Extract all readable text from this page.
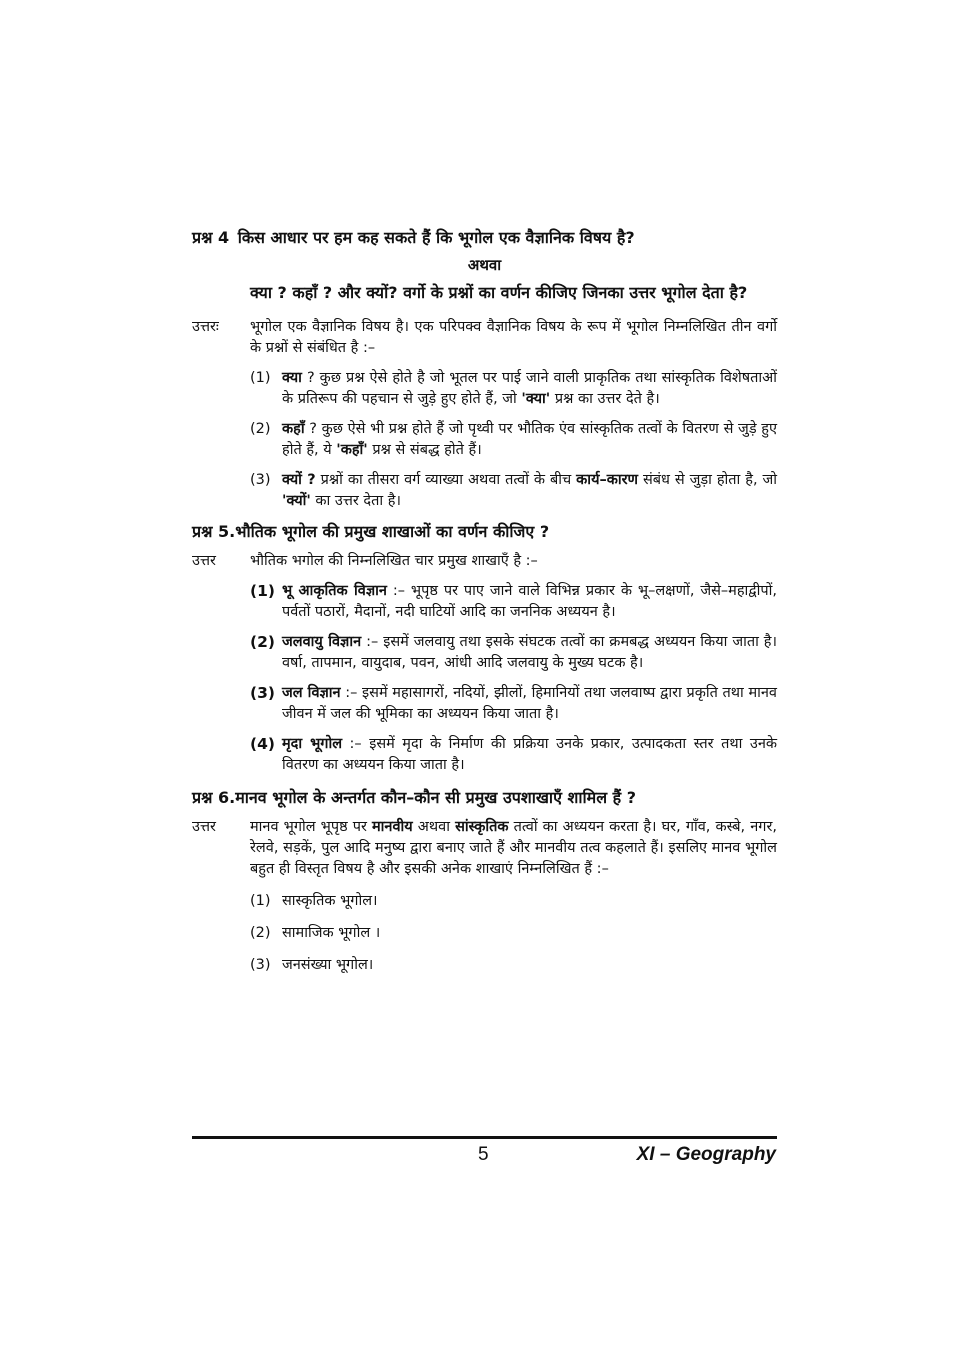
प्रश्न 4 किस आधार पर हम कह सकते हैं कि भूगोल एक वैज्ञानिक विषय है?

अथवा

क्या ? कहाँ ? और क्यों? वर्गो के प्रश्नों का वर्णन कीजिए जिनका उत्तर भूगोल देता है?

उत्तरः	भूगोल एक वैज्ञानिक विषय है। एक परिपक्व वैज्ञानिक विषय के रूप में भूगोल निम्नलिखित तीन वर्गो के प्रश्नों से संबंधित है :–
(1) क्या ? कुछ प्रश्न ऐसे होते है जो भूतल पर पाई जाने वाली प्राकृतिक तथा सांस्कृतिक विशेषताओं के प्रतिरूप की पहचान से जुड़े हुए होते हैं, जो 'क्या' प्रश्न का उत्तर देते है।
(2) कहाँ ? कुछ ऐसे भी प्रश्न होते हैं जो पृथ्वी पर भौतिक एंव सांस्कृतिक तत्वों के वितरण से जुड़े हुए होते हैं, ये 'कहाँ' प्रश्न से संबद्ध होते हैं।
(3) क्यों ? प्रश्नों का तीसरा वर्ग व्याख्या अथवा तत्वों के बीच कार्य–कारण संबंध से जुड़ा होता है, जो 'क्यों' का उत्तर देता है।

प्रश्न 5.भौतिक भूगोल की प्रमुख शाखाओं का वर्णन कीजिए ?

उत्तर	भौतिक भगोल की निम्नलिखित चार प्रमुख शाखाएँ है :–
(1) भू आकृतिक विज्ञान :– भूपृष्ठ पर पाए जाने वाले विभिन्न प्रकार के भू–लक्षणों, जैसे–महाद्वीपों, पर्वतों पठारों, मैदानों, नदी घाटियों आदि का जननिक अध्ययन है।
(2) जलवायु विज्ञान :– इसमें जलवायु तथा इसके संघटक तत्वों का क्रमबद्ध अध्ययन किया जाता है। वर्षा, तापमान, वायुदाब, पवन, आंधी आदि जलवायु के मुख्य घटक है।
(3) जल विज्ञान :– इसमें महासागरों, नदियों, झीलों, हिमानियों तथा जलवाष्प द्वारा प्रकृति तथा मानव जीवन में जल की भूमिका का अध्ययन किया जाता है।
(4) मृदा भूगोल :– इसमें मृदा के निर्माण की प्रक्रिया उनके प्रकार, उत्पादकता स्तर तथा उनके वितरण का अध्ययन किया जाता है।

प्रश्न 6.मानव भूगोल के अन्तर्गत कौन–कौन सी प्रमुख उपशाखाएँ शामिल हैं ?

उत्तर	मानव भूगोल भूपृष्ठ पर मानवीय अथवा सांस्कृतिक तत्वों का अध्ययन करता है। घर, गाँव, कस्बे, नगर, रेलवे, सड़कें, पुल आदि मनुष्य द्वारा बनाए जाते हैं और मानवीय तत्व कहलाते हैं। इसलिए मानव भूगोल बहुत ही विस्तृत विषय है और इसकी अनेक शाखाएं निम्नलिखित हैं :–
(1) सास्कृतिक भूगोल।
(2) सामाजिक भूगोल ।
(3) जनसंख्या भूगोल।
5	XI – Geography
